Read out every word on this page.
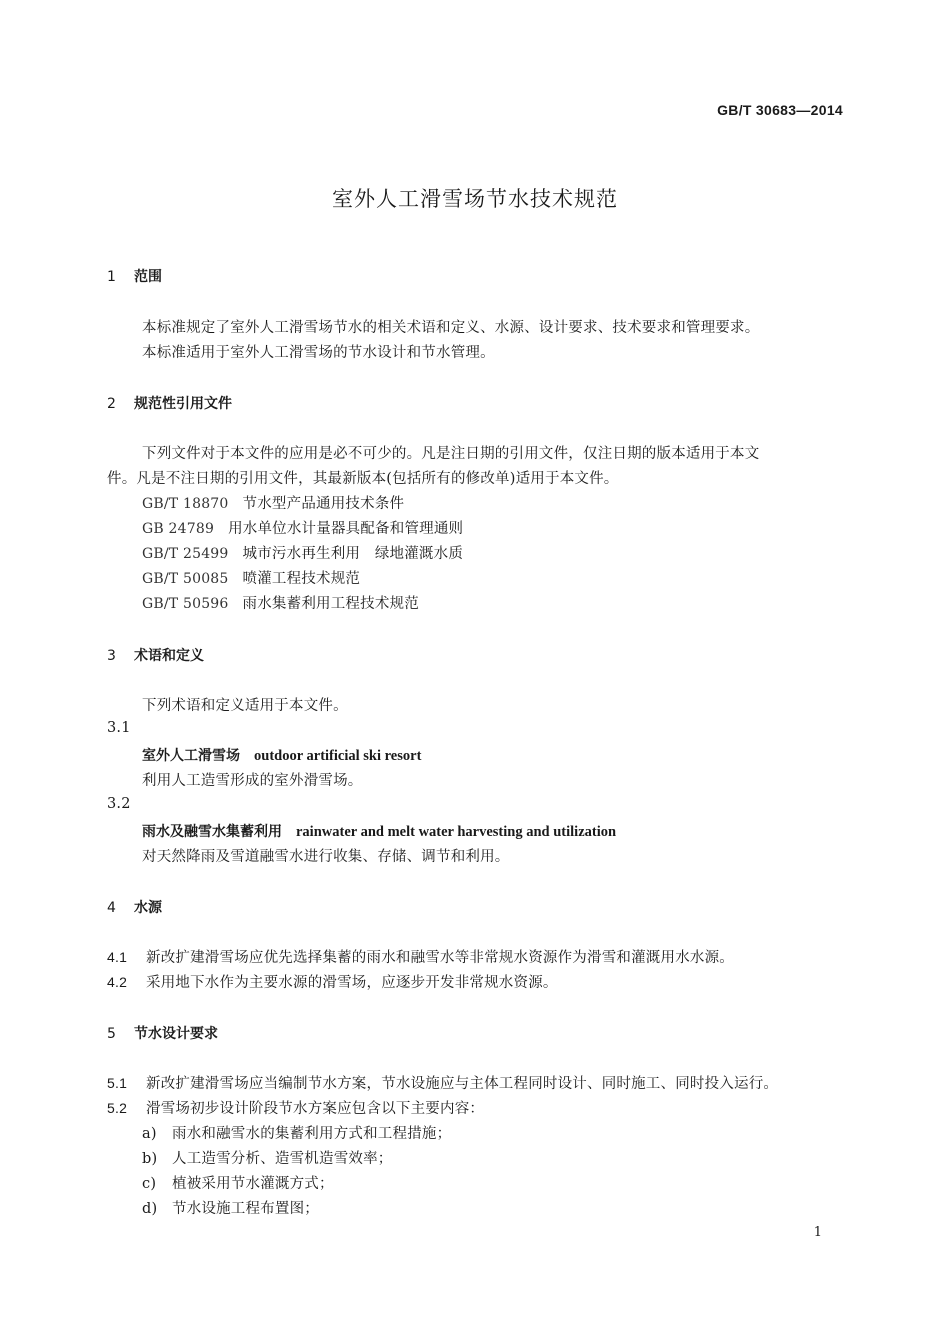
GB/T 30683—2014
室外人工滑雪场节水技术规范
1 范围
本标准规定了室外人工滑雪场节水的相关术语和定义、水源、设计要求、技术要求和管理要求。
本标准适用于室外人工滑雪场的节水设计和节水管理。
2 规范性引用文件
下列文件对于本文件的应用是必不可少的。凡是注日期的引用文件，仅注日期的版本适用于本文
件。凡是不注日期的引用文件，其最新版本(包括所有的修改单)适用于本文件。
GB/T 18870 节水型产品通用技术条件
GB 24789 用水单位水计量器具配备和管理通则
GB/T 25499 城市污水再生利用　绿地灌溉水质
GB/T 50085 喷灌工程技术规范
GB/T 50596 雨水集蓄利用工程技术规范
3 术语和定义
下列术语和定义适用于本文件。
3.1
室外人工滑雪场 outdoor artificial ski resort
利用人工造雪形成的室外滑雪场。
3.2
雨水及融雪水集蓄利用 rainwater and melt water harvesting and utilization
对天然降雨及雪道融雪水进行收集、存储、调节和利用。
4 水源
4.1 新改扩建滑雪场应优先选择集蓄的雨水和融雪水等非常规水资源作为滑雪和灌溉用水水源。
4.2 采用地下水作为主要水源的滑雪场，应逐步开发非常规水资源。
5 节水设计要求
5.1 新改扩建滑雪场应当编制节水方案，节水设施应与主体工程同时设计、同时施工、同时投入运行。
5.2 滑雪场初步设计阶段节水方案应包含以下主要内容：
a) 雨水和融雪水的集蓄利用方式和工程措施；
b) 人工造雪分析、造雪机造雪效率；
c) 植被采用节水灌溉方式；
d) 节水设施工程布置图；
1
